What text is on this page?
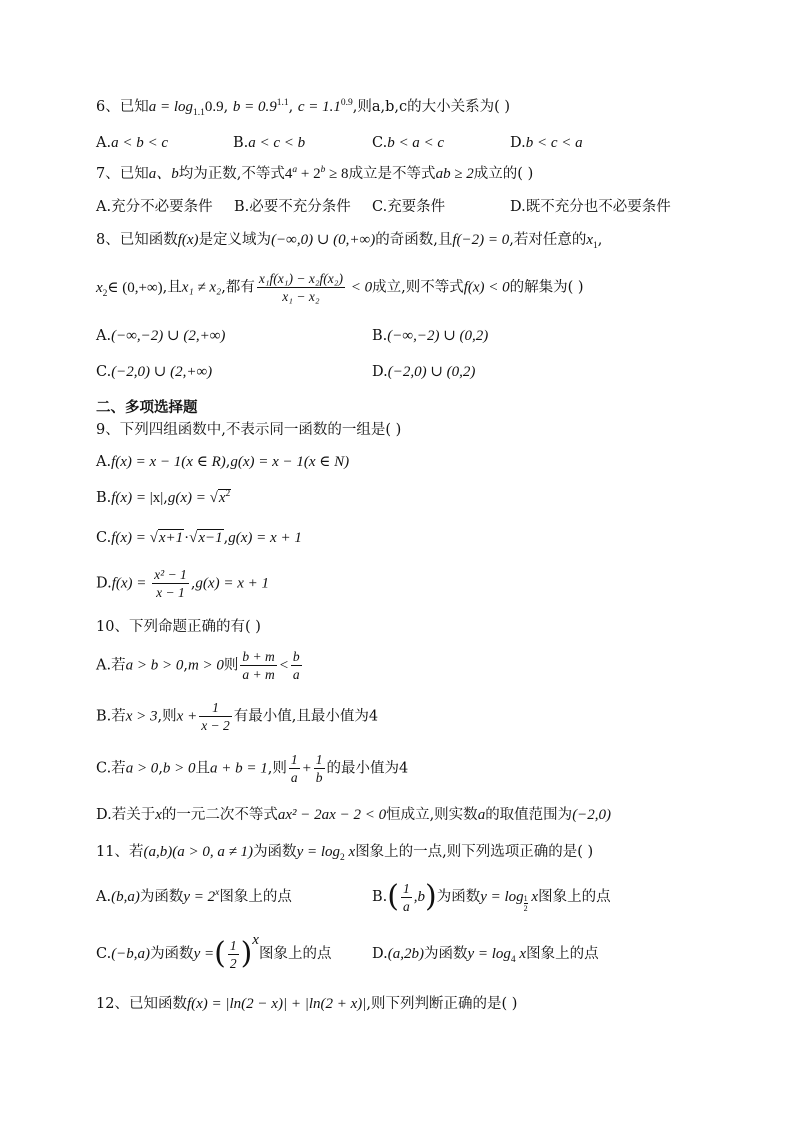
6、已知$a = \log_{1.1}0.9$, $b = 0.9^{1.1}$, $c = 1.1^{0.9}$,则a,b,c的大小关系为( )
A.a < b < c	B.a < c < b	C.b < a < c	D.b < c < a
7、已知a、b均为正数,不等式$4^a + 2^b \ge 8$成立是不等式ab ≥ 2成立的( )
A.充分不必要条件 B.必要不充分条件 C.充要条件	D.既不充分也不必要条件
8、已知函数f(x)是定义域为(−∞,0) ∪ (0,+∞)的奇函数,且f(−2) = 0,若对任意的$x_1$,
$x_2\in$ (0,+∞),且x₁ ≠ x₂,都有 $\frac{\text{x₁f(x₁) − x₂f(x₂)}}{\text{x₁ − x₂}} < 0$成立,则不等式f(x) < 0的解集为( )
A.(−∞,−2) ∪ (2,+∞)	B.(−∞,−2) ∪ (0,2)
C.(−2,0) ∪ (2,+∞)	D.(−2,0) ∪ (0,2)
二、多项选择题
9、下列四组函数中,不表示同一函数的一组是( )
A.f(x) = x − 1(x ∈ R),g(x) = x − 1(x ∈ N)
$B.f(x) = |x|,g(x) = √x^2$
C.f(x) = √x+1·√x−1,g(x) = x + 1
$D.f(x) = \frac{\text{x² − 1}}{x - 1} ,g(x) = x + 1$
10、下列命题正确的有( )
A.若a > b > 0,m > 0则 $\frac{b + m}{a + m} < \frac{b}{a}$
B.若x > 3,则$x + \frac{1}{x - 2}$ 有最小值,且最小值为4
C.若a > 0,b > 0且a + b = 1,则 $\frac{1}{a} + \frac{1}{b}$ 的最小值为4
D.若关于x的一元二次不等式ax² − 2ax − 2 < 0恒成立,则实数a的取值范围为(−2,0)
11、若(a,b)(a > 0, a ≠ 1)为函数$y = \log_2 x$图象上的一点,则下列选项正确的是( )
A.(b,a)为函数$y = 2^x$图象上的点	$B.( \frac{1}{a} ,b)$为函数y = log $_{\frac{1}{2}}$ x图象上的点
C.(−b,a)为函数y =( $\frac{1}{2} )^x$图象上的点	D.(a,2b)为函数$y = \log_4 x$图象上的点
12、已知函数f(x) = |ln(2 − x)| + |ln(2 + x)|,则下列判断正确的是( )
